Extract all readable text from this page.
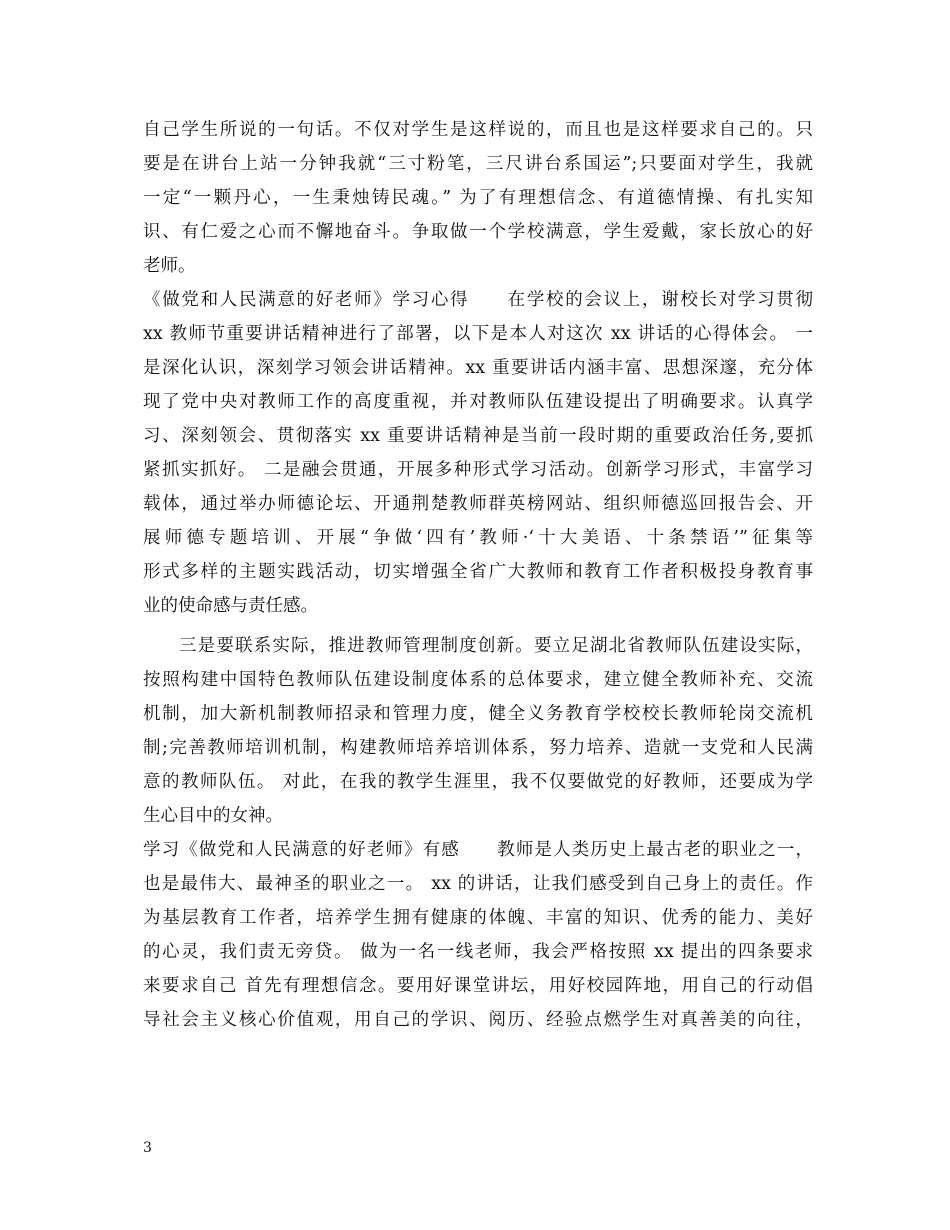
自己学生所说的一句话。不仅对学生是这样说的，而且也是这样要求自己的。只
要是在讲台上站一分钟我就“三寸粉笔，三尺讲台系国运”;只要面对学生，我就
一定“一颗丹心，一生秉烛铸民魂。” 为了有理想信念、有道德情操、有扎实知
识、有仁爱之心而不懈地奋斗。争取做一个学校满意，学生爱戴，家长放心的好
老师。
《做党和人民满意的好老师》学习心得　　在学校的会议上，谢校长对学习贯彻
xx 教师节重要讲话精神进行了部署，以下是本人对这次 xx 讲话的心得体会。 一
是深化认识，深刻学习领会讲话精神。xx 重要讲话内涵丰富、思想深邃，充分体
现了党中央对教师工作的高度重视，并对教师队伍建设提出了明确要求。认真学
习、深刻领会、贯彻落实 xx 重要讲话精神是当前一段时期的重要政治任务,要抓
紧抓实抓好。 二是融会贯通，开展多种形式学习活动。创新学习形式，丰富学习
载体，通过举办师德论坛、开通荆楚教师群英榜网站、组织师德巡回报告会、开
展师德专题培训、开展“争做‘四有’教师·‘十大美语、十条禁语’”征集等
形式多样的主题实践活动，切实增强全省广大教师和教育工作者积极投身教育事
业的使命感与责任感。
三是要联系实际，推进教师管理制度创新。要立足湖北省教师队伍建设实际，
按照构建中国特色教师队伍建设制度体系的总体要求，建立健全教师补充、交流
机制，加大新机制教师招录和管理力度，健全义务教育学校校长教师轮岗交流机
制;完善教师培训机制，构建教师培养培训体系，努力培养、造就一支党和人民满
意的教师队伍。 对此，在我的教学生涯里，我不仅要做党的好教师，还要成为学
生心目中的女神。
学习《做党和人民满意的好老师》有感　　教师是人类历史上最古老的职业之一，
也是最伟大、最神圣的职业之一。 xx 的讲话，让我们感受到自己身上的责任。作
为基层教育工作者，培养学生拥有健康的体魄、丰富的知识、优秀的能力、美好
的心灵，我们责无旁贷。 做为一名一线老师，我会严格按照 xx 提出的四条要求
来要求自己 首先有理想信念。要用好课堂讲坛，用好校园阵地，用自己的行动倡
导社会主义核心价值观，用自己的学识、阅历、经验点燃学生对真善美的向往，
3
